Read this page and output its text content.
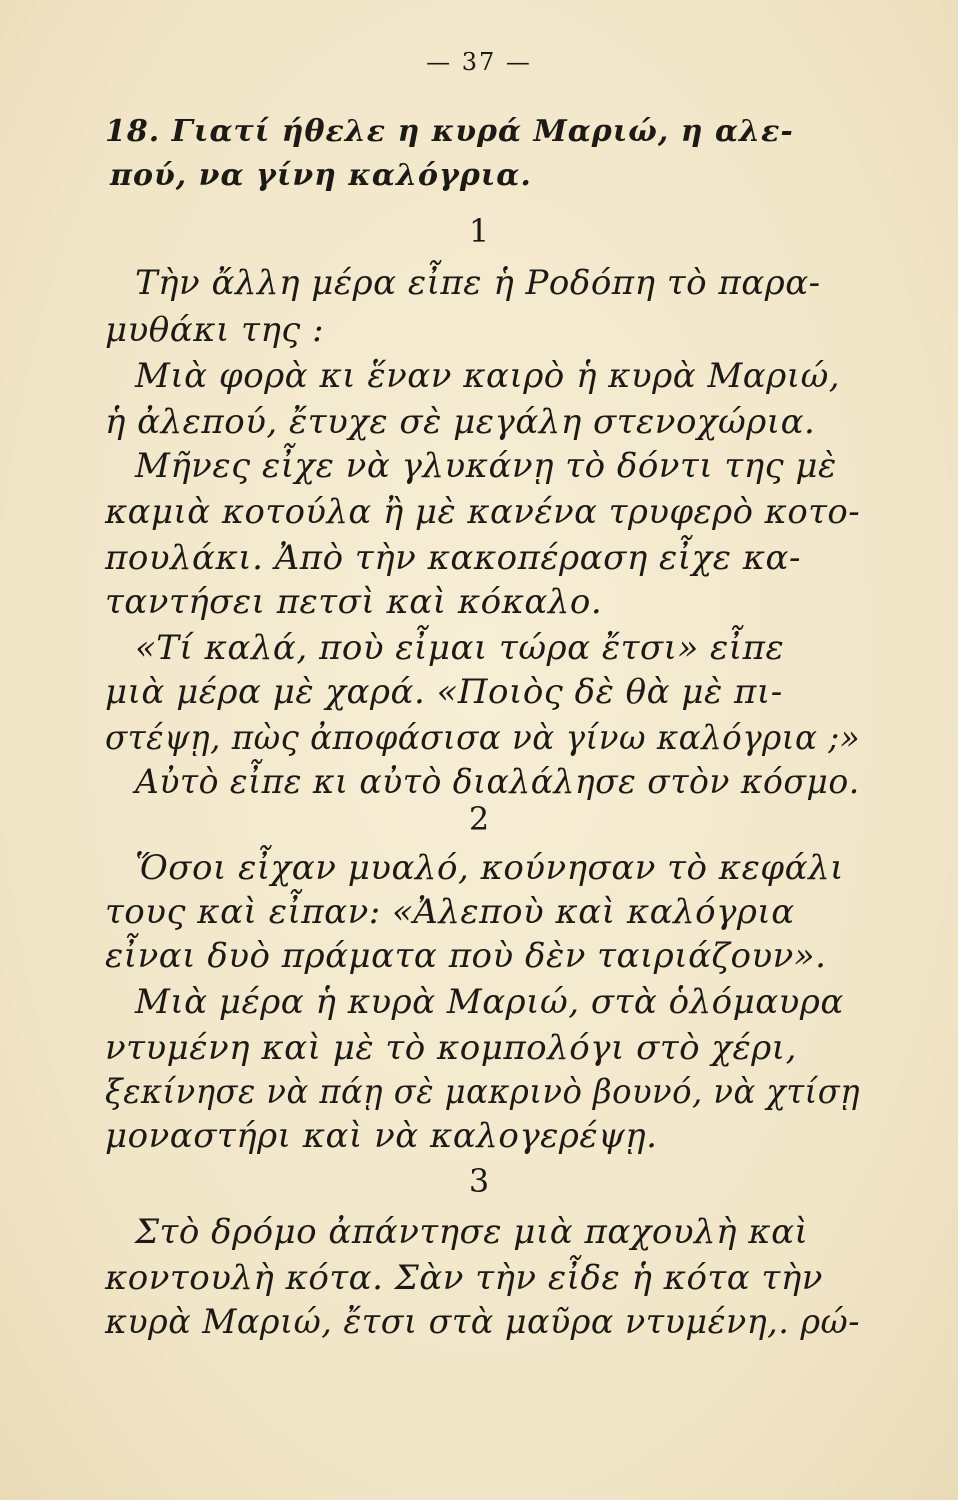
— 37 —
18. Γιατί ήθελε η κυρά Μαριώ, η αλε-
πού, να γίνη καλόγρια.
1
Τὴν ἄλλη μέρα εἶπε ἡ Ροδόπη τὸ παρα-
μυθάκι της :
Μιὰ φορὰ κι ἕναν καιρὸ ἡ κυρὰ Μαριώ,
ἡ ἀλεπού, ἔτυχε σὲ μεγάλη στενοχώρια.
Μῆνες εἶχε νὰ γλυκάνῃ τὸ δόντι της μὲ
καμιὰ κοτούλα ἢ μὲ κανένα τρυφερὸ κοτο-
πουλάκι. Ἀπὸ τὴν κακοπέραση εἶχε κα-
ταντήσει πετσὶ καὶ κόκαλο.
«Τί καλά, ποὺ εἶμαι τώρα ἔτσι» εἶπε
μιὰ μέρα μὲ χαρά. «Ποιὸς δὲ θὰ μὲ πι-
στέψῃ, πὼς ἀποφάσισα νὰ γίνω καλόγρια ;»
Αὐτὸ εἶπε κι αὐτὸ διαλάλησε στὸν κόσμο.
2
Ὅσοι εἶχαν μυαλό, κούνησαν τὸ κεφάλι
τους καὶ εἶπαν: «Ἀλεποὺ καὶ καλόγρια
εἶναι δυὸ πράματα ποὺ δὲν ταιριάζουν».
Μιὰ μέρα ἡ κυρὰ Μαριώ, στὰ ὁλόμαυρα
ντυμένη καὶ μὲ τὸ κομπολόγι στὸ χέρι,
ξεκίνησε νὰ πάῃ σὲ μακρινὸ βουνό, νὰ χτίσῃ
μοναστήρι καὶ νὰ καλογερέψῃ.
3
Στὸ δρόμο ἀπάντησε μιὰ παχουλὴ καὶ
κοντουλὴ κότα. Σὰν τὴν εἶδε ἡ κότα τὴν
κυρὰ Μαριώ, ἔτσι στὰ μαῦρα ντυμένη,. ρώ-
